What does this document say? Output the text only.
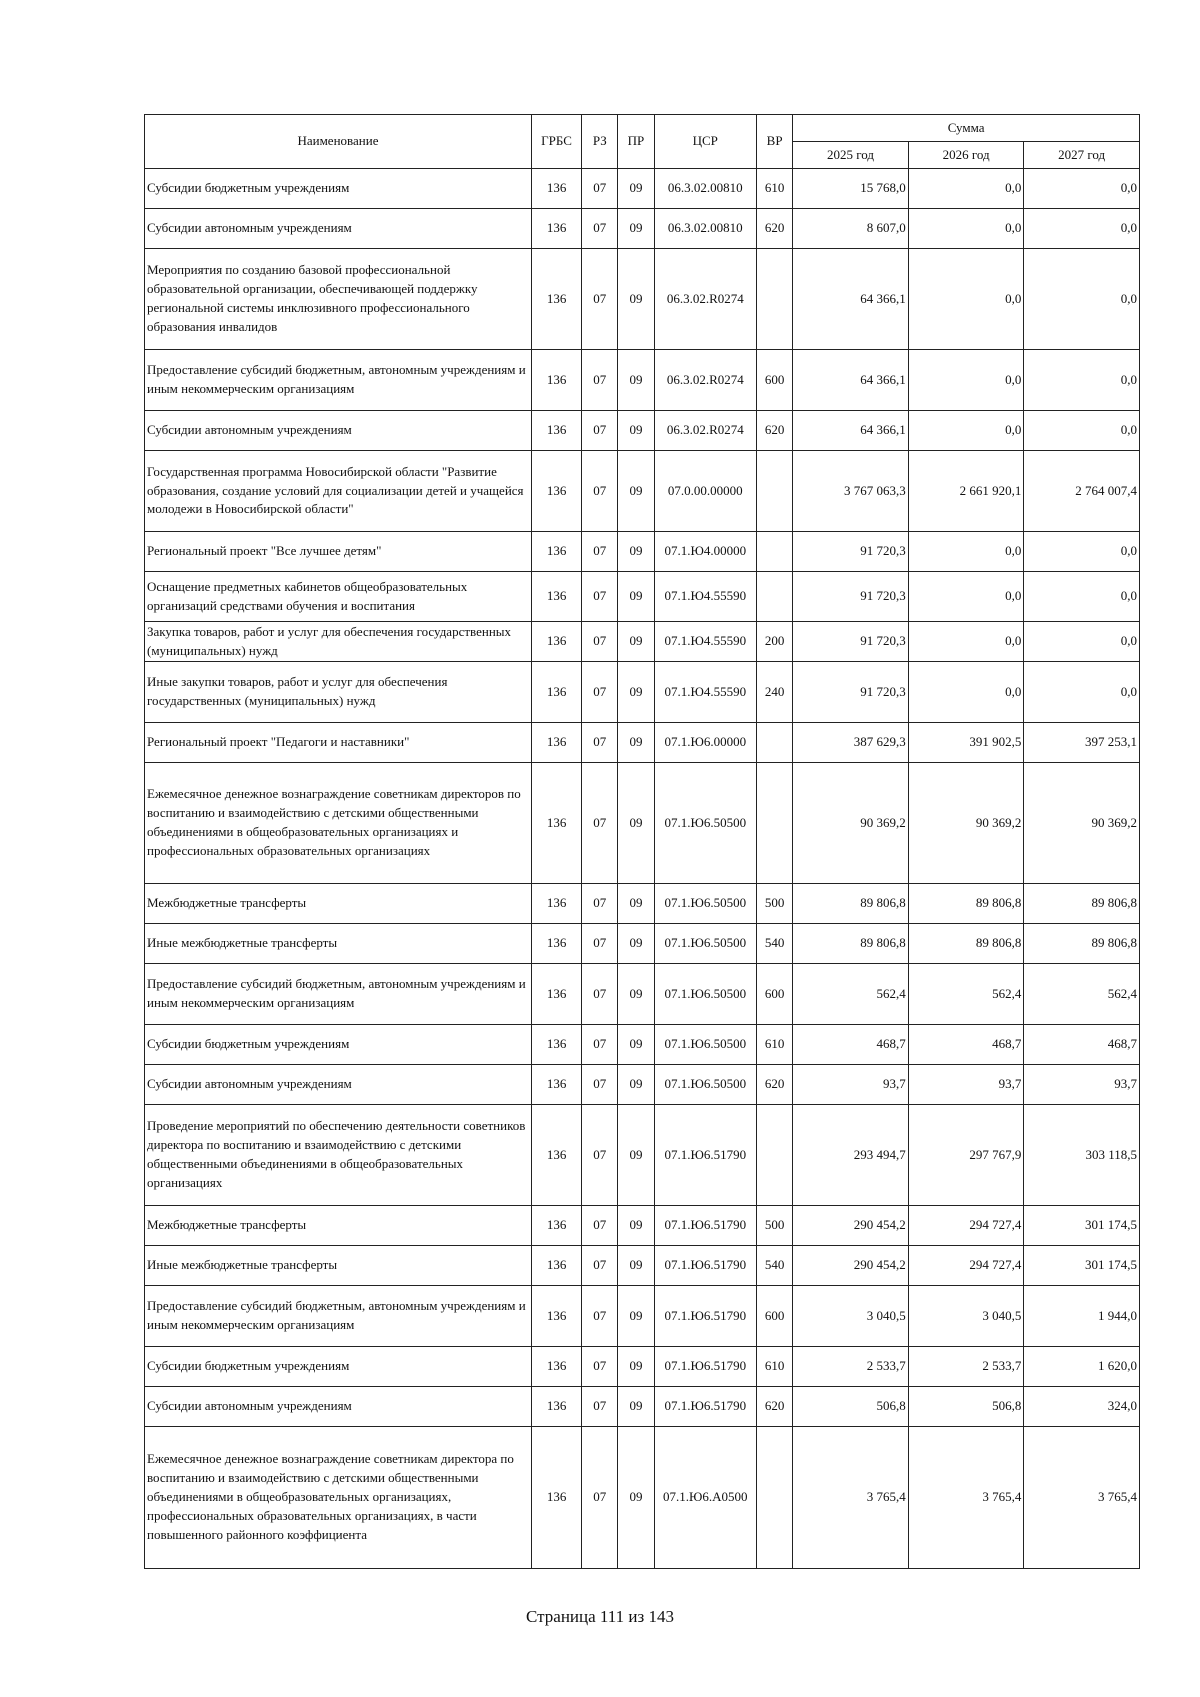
Наименование	ГРБС	РЗ	ПР	ЦСР	ВР	Сумма		
						2025 год	2026 год	2027 год
Субсидии бюджетным учреждениям	136	07	09	06.3.02.00810	610	15 768,0	0,0	0,0
Субсидии автономным учреждениям	136	07	09	06.3.02.00810	620	8 607,0	0,0	0,0
Мероприятия по созданию базовой профессиональной образовательной организации, обеспечивающей поддержку региональной системы инклюзивного профессионального образования инвалидов	136	07	09	06.3.02.R0274		64 366,1	0,0	0,0
Предоставление субсидий бюджетным, автономным учреждениям и иным некоммерческим организациям	136	07	09	06.3.02.R0274	600	64 366,1	0,0	0,0
Субсидии автономным учреждениям	136	07	09	06.3.02.R0274	620	64 366,1	0,0	0,0
Государственная программа Новосибирской области "Развитие образования, создание условий для социализации детей и учащейся молодежи в Новосибирской области"	136	07	09	07.0.00.00000		3 767 063,3	2 661 920,1	2 764 007,4
Региональный проект "Все лучшее детям"	136	07	09	07.1.Ю4.00000		91 720,3	0,0	0,0
Оснащение предметных кабинетов общеобразовательных организаций средствами обучения и воспитания	136	07	09	07.1.Ю4.55590		91 720,3	0,0	0,0
Закупка товаров, работ и услуг для обеспечения государственных (муниципальных) нужд	136	07	09	07.1.Ю4.55590	200	91 720,3	0,0	0,0
Иные закупки товаров, работ и услуг для обеспечения государственных (муниципальных) нужд	136	07	09	07.1.Ю4.55590	240	91 720,3	0,0	0,0
Региональный проект "Педагоги и наставники"	136	07	09	07.1.Ю6.00000		387 629,3	391 902,5	397 253,1
Ежемесячное денежное вознаграждение советникам директоров по воспитанию и взаимодействию с детскими общественными объединениями в общеобразовательных организациях и профессиональных образовательных организациях	136	07	09	07.1.Ю6.50500		90 369,2	90 369,2	90 369,2
Межбюджетные трансферты	136	07	09	07.1.Ю6.50500	500	89 806,8	89 806,8	89 806,8
Иные межбюджетные трансферты	136	07	09	07.1.Ю6.50500	540	89 806,8	89 806,8	89 806,8
Предоставление субсидий бюджетным, автономным учреждениям и иным некоммерческим организациям	136	07	09	07.1.Ю6.50500	600	562,4	562,4	562,4
Субсидии бюджетным учреждениям	136	07	09	07.1.Ю6.50500	610	468,7	468,7	468,7
Субсидии автономным учреждениям	136	07	09	07.1.Ю6.50500	620	93,7	93,7	93,7
Проведение мероприятий по обеспечению деятельности советников директора по воспитанию и взаимодействию с детскими общественными объединениями в общеобразовательных организациях	136	07	09	07.1.Ю6.51790		293 494,7	297 767,9	303 118,5
Межбюджетные трансферты	136	07	09	07.1.Ю6.51790	500	290 454,2	294 727,4	301 174,5
Иные межбюджетные трансферты	136	07	09	07.1.Ю6.51790	540	290 454,2	294 727,4	301 174,5
Предоставление субсидий бюджетным, автономным учреждениям и иным некоммерческим организациям	136	07	09	07.1.Ю6.51790	600	3 040,5	3 040,5	1 944,0
Субсидии бюджетным учреждениям	136	07	09	07.1.Ю6.51790	610	2 533,7	2 533,7	1 620,0
Субсидии автономным учреждениям	136	07	09	07.1.Ю6.51790	620	506,8	506,8	324,0
Ежемесячное денежное вознаграждение советникам директора по воспитанию и взаимодействию с детскими общественными объединениями в общеобразовательных организациях, профессиональных образовательных организациях, в части повышенного районного коэффициента	136	07	09	07.1.Ю6.А0500		3 765,4	3 765,4	3 765,4
Страница 111 из 143
